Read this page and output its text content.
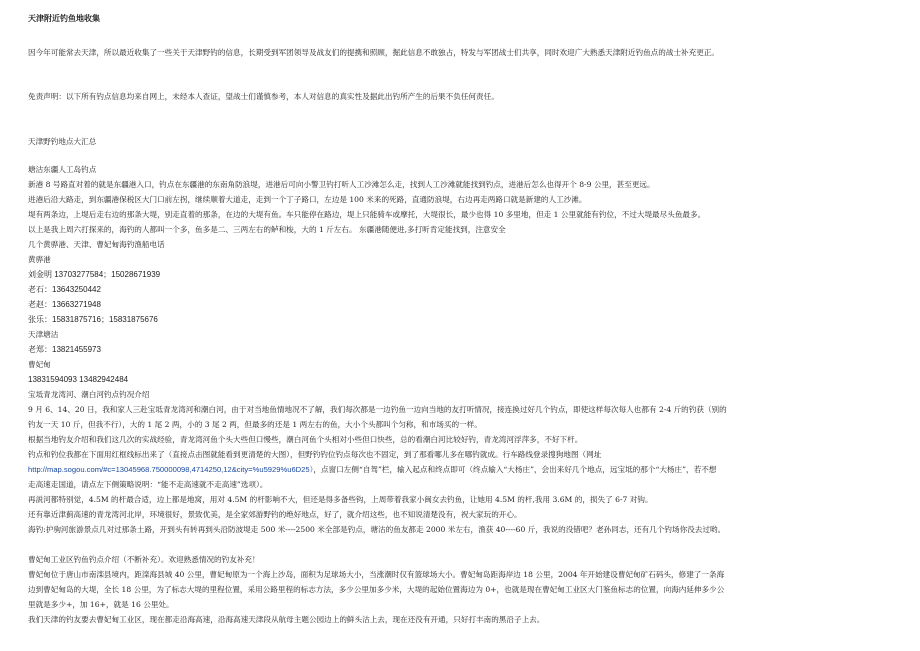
天津附近钓鱼地收集
因今年可能常去天津，所以最近收集了一些关于天津野钓的信息，长期受到军团领导及战友们的提携和照顾，掘此信息不敢独占，特发与军团战士们共享，同时欢迎广大熟悉天津附近钓鱼点的战士补充更正。
免责声明：以下所有钓点信息均来自网上，未经本人查证，望战士们谨慎参考，本人对信息的真实性及据此出钓所产生的后果不负任何责任。
天津野钓地点大汇总
塘沽东疆人工岛钓点
新港 8 号路直对着的就是东疆港入口，钓点在东疆港的东南角防浪堤，进港后可向小警卫钓打听人工沙滩怎么走，找到人工沙滩就能找到钓点，进港后怎么也得开个 8-9 公里，甚至更远。
进港后沿大路走，到东疆港保税区大门口前左拐，继续顺着大道走，走到一个丁子路口，左边是 100 米来的死路，直通防浪堤，右边再走两路口就是新建的人工沙滩。
堤有两条边，上堤后走右边的那条大堤，别走直着的那条，在边的大堤有鱼。车只能停在路边，堤上只能骑车或摩托，大堤很长，最少也得 10 多里地，但走 1 公里就能有钓位，不过大堤最尽头鱼最多。
以上是我上周六打探来的，海钓的人都叫一个多，鱼多是二、三两左右的鲈和梭，大的 1 斤左右。 东疆港随便进,多打听肯定能找到，注意安全
几个黄骅港、天津、曹妃甸海钓渔船电话
黄骅港
刘金明 13703277584；15028671939
老石：13643250442
老赵：13663271948
张乐：15831875716；15831875676
天津塘沽
老郑：13821455973
曹妃甸
13831594093 13482942484
宝坻青龙湾河、潮白河钓点钓况介绍
9 月 6、14、20 日，我和家人三赴宝坻青龙湾河和潮白河，由于对当地鱼情地况不了解，我们每次都是一边钓鱼一边向当地的友打听情况，接连换过好几个钓点，即使这样每次每人也都有 2-4 斤的钓获（别的
钓友一天 10 斤，但我不行），大的 1 尾 2 两，小的 3 尾 2 两，但最多的还是 1 两左右的鱼，大小个头都叫个匀称，和市场买的一样。
根据当地钓友介绍和我们这几次的实战经验，青龙湾河鱼个头大些但口慢些，潮白河鱼个头相对小些但口快些，总的看潮白河比较好钓，青龙湾河浮萍多，不好下杆。
钓点和钓位我都在下面用红框线标出来了（直接点击图就能看到更清楚的大图），但野钓钓位钓点每次也不固定，到了那看哪儿多在哪钓就成。行车路线登录搜狗地图（网址
http://map.sogou.com/#c=13045968.750000098,4714250,12&city=%u5929%u6D25），点窗口左侧“自驾”栏，输入起点和终点即可（终点输入“大杨庄”，会出来好几个地点，远宝坻的那个“大杨庄”，若不想
走高速走国道，请点左下侧策略说明：“能不走高速就不走高速”选项）。
再説河都特别觉，4.5M 的杆最合适，边上都是地窝，用对 4.5M 的杆影响不大，但还是得多备些钩，上周带着我家小闽女去钓鱼，让她用 4.5M 的杆,我用 3.6M 的，损失了 6-7 对钩。
还有靠近津蓟高速的青龙湾河北岸，环境很好，景致优美，是全家郊游野钓的绝好地点，好了，就介绍这些，也不知说清楚没有，祝大家玩的开心。
海钓:护驹河旅游景点几对过那条土路，开到头有转再到头沿防波堤走 500 米----2500 米全部是钓点，塘沽的鱼友都走 2000 米左右，渔获 40----60 斤，我说的没错吧？老孙同志，还有几个钓场你没去过哟。
曹妃甸工业区钓鱼钓点介绍（不断补充）。欢迎熟悉情况的钓友补充！
曹妃甸位于唐山市南滦县境内，距滦海县城 40 公里，曹妃甸原为一个海上沙岛，面积为足球场大小，当涨潮时仅有篮球场大小。曹妃甸岛距海岸边 18 公里，2004 年开始建设曹妃甸矿石码头，修建了一条海
边到曹妃甸岛的大堤，全长 18 公里，为了标志大堤的里程位置，采用公路里程的标志方法，多少公里加多少米，大堤的起始位置海边为 0+，也就是现在曹妃甸工业区大门鉴鱼标志的位置，向海内延伸多少公
里就是多少+，加 16+，就是 16 公里处。
我们天津的钓友要去曹妃甸工业区，现在都走沿海高速，沿海高速天津段从航母主题公园边上的鲜头沽上去，现在还没有开通，只好打丰南的黑沿子上去。
